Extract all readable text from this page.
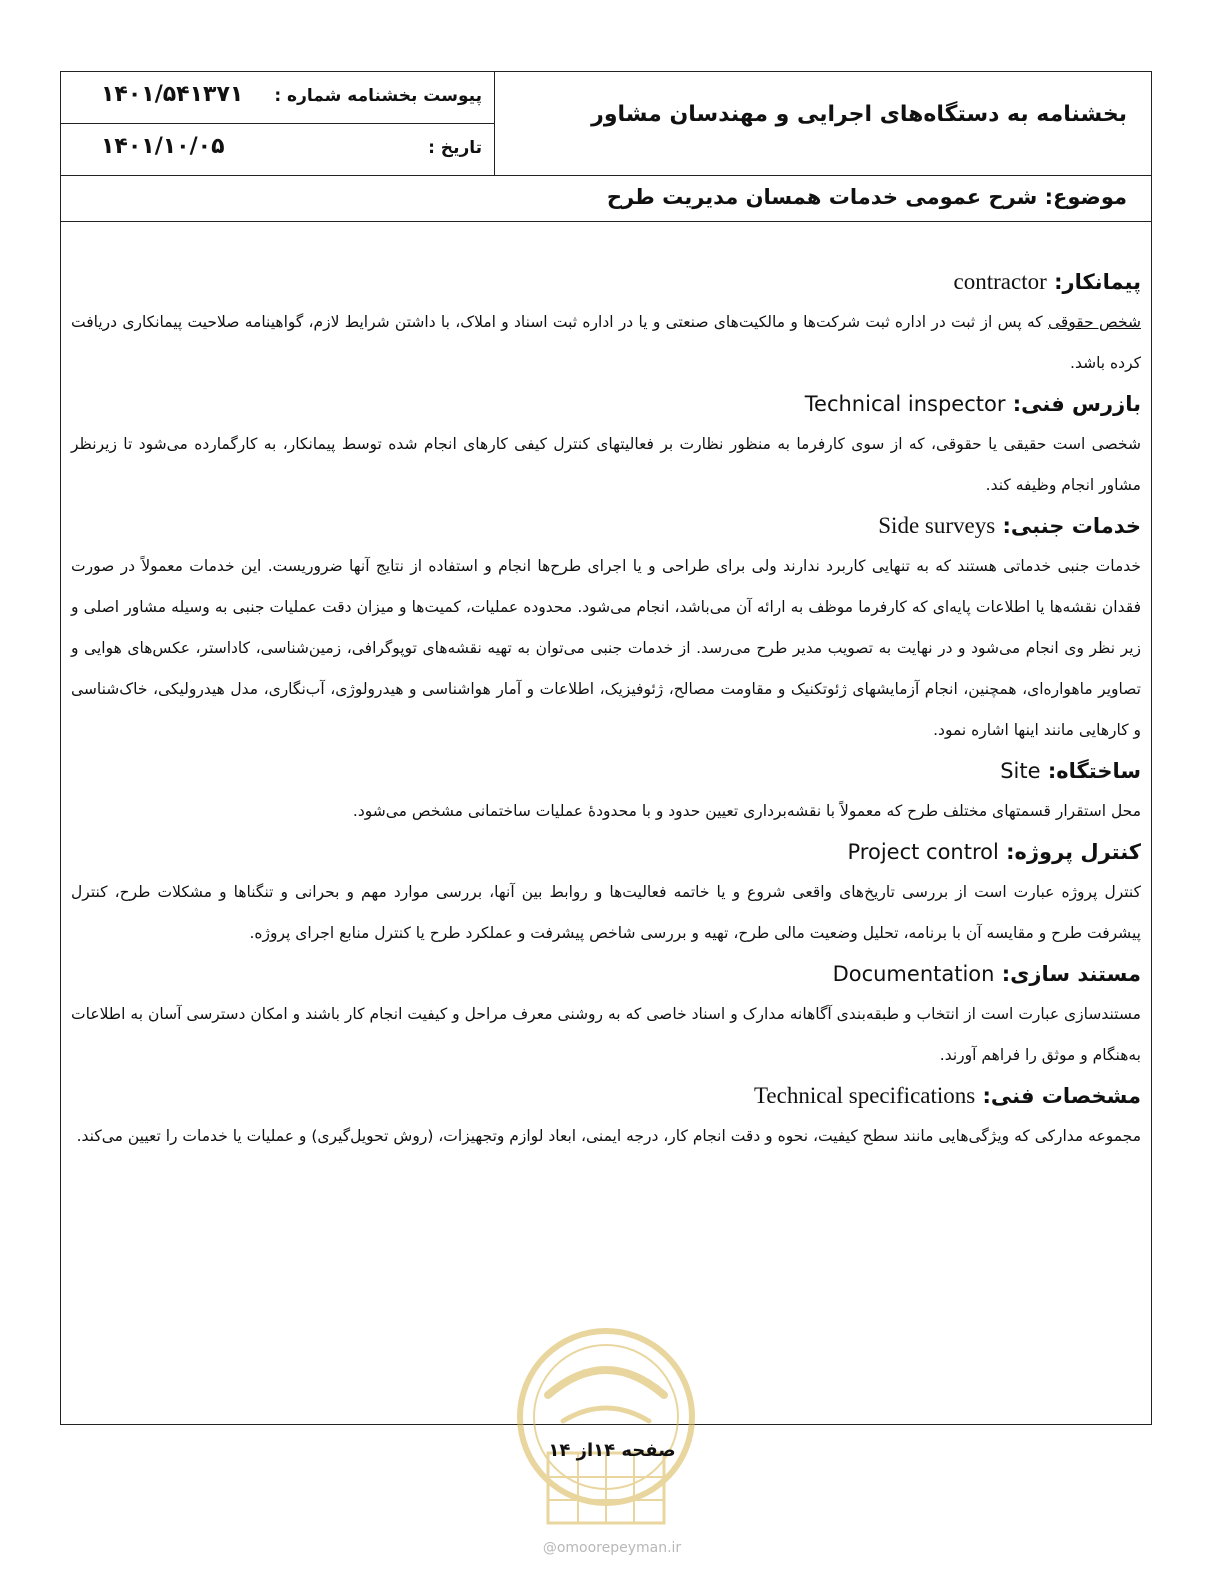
بخشنامه به دستگاه‌های اجرایی و مهندسان مشاور
پیوست بخشنامه شماره :
۱۴۰۱/۵۴۱۳۷۱
تاریخ :
۱۴۰۱/۱۰/۰۵
موضوع: شرح عمومی خدمات همسان مدیریت طرح

پیمانکار: contractor

شخص حقوقی که پس از ثبت در اداره ثبت شرکت‌ها و مالکیت‌های صنعتی و یا در اداره ثبت اسناد و املاک، با داشتن شرایط لازم، گواهینامه صلاحیت پیمانکاری دریافت کرده باشد.

بازرس فنی: Technical inspector

شخصی است حقیقی یا حقوقی، که از سوی کارفرما به منظور نظارت بر فعالیتهای کنترل کیفی کارهای انجام شده توسط پیمانکار، به کارگمارده می‌شود تا زیرنظر مشاور انجام وظیفه کند.

خدمات جنبی: Side surveys

خدمات جنبی خدماتی هستند که به تنهایی کاربرد ندارند ولی برای طراحی و یا اجرای طرح‌ها انجام و استفاده از نتایج آنها ضروریست. این خدمات معمولاً در صورت فقدان نقشه‌ها یا اطلاعات پایه‌ای که کارفرما موظف به ارائه آن می‌باشد، انجام می‌شود. محدوده عملیات، کمیت‌ها و میزان دقت عملیات جنبی به وسیله مشاور اصلی و زیر نظر وی انجام می‌شود و در نهایت به تصویب مدیر طرح می‌رسد. از خدمات جنبی می‌توان به تهیه نقشه‌های توپوگرافی، زمین‌شناسی، کاداستر، عکس‌های هوایی و تصاویر ماهواره‌ای، همچنین، انجام آزمایشهای ژئوتکنیک و مقاومت مصالح، ژئوفیزیک، اطلاعات و آمار هواشناسی و هیدرولوژی، آب‌نگاری، مدل هیدرولیکی، خاک‌شناسی و کارهایی مانند اینها اشاره نمود.

ساختگاه: Site

محل استقرار قسمتهای مختلف طرح که معمولاً با نقشه‌برداری تعیین حدود و با محدودۀ عملیات ساختمانی مشخص می‌شود.

کنترل پروژه: Project control

کنترل پروژه عبارت است از بررسی تاریخ‌های واقعی شروع و یا خاتمه فعالیت‌ها و روابط بین آنها، بررسی موارد مهم و بحرانی و تنگناها و مشکلات طرح، کنترل پیشرفت طرح و مقایسه آن با برنامه، تحلیل وضعیت مالی طرح، تهیه و بررسی شاخص پیشرفت و عملکرد طرح یا کنترل منابع اجرای پروژه.

مستند سازی: Documentation

مستندسازی عبارت است از انتخاب و طبقه‌بندی آگاهانه مدارک و اسناد خاصی که به روشنی معرف مراحل و کیفیت انجام کار باشند و امکان دسترسی آسان به اطلاعات به‌هنگام و موثق را فراهم آورند.

مشخصات فنی: Technical specifications

مجموعه مدارکی که ویژگی‌هایی مانند سطح کیفیت، نحوه و دقت انجام کار، درجه ایمنی، ابعاد لوازم وتجهیزات، (روش تحویل‌گیری) و عملیات یا خدمات را تعیین می‌کند.

صفحه ۱۴از ۱۴
@omoorepeyman.ir
